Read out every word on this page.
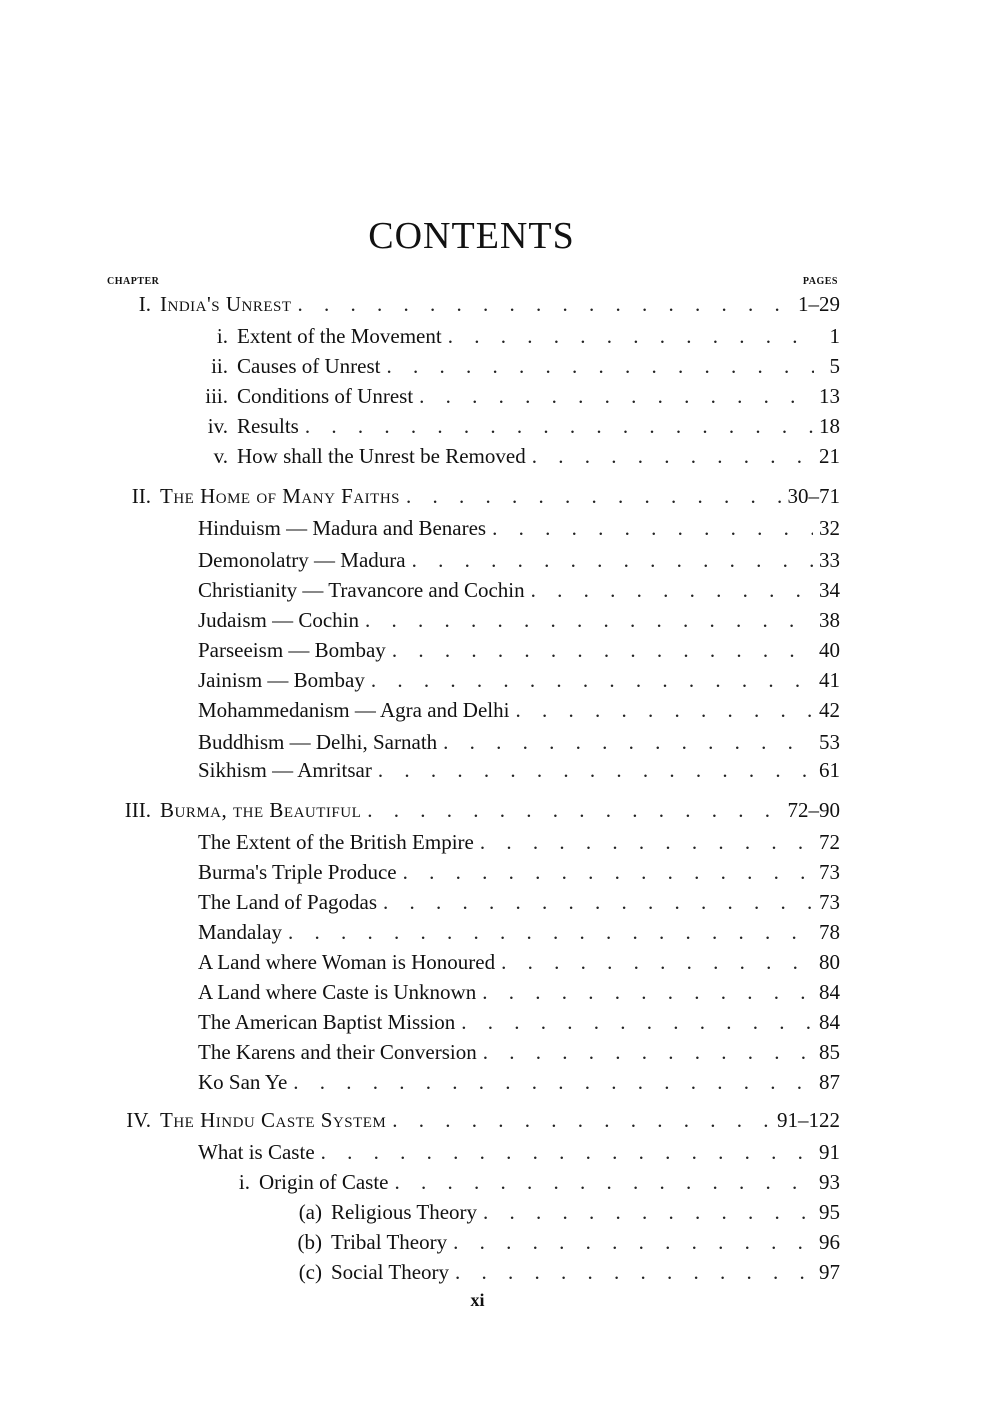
CONTENTS
CHAPTER	PAGES
I. India's Unrest . . .	1–29
i. Extent of the Movement . . .	1
ii. Causes of Unrest . . .	5
iii. Conditions of Unrest . . .	13
iv. Results . . .	18
v. How shall the Unrest be Removed . . .	21
II. The Home of Many Faiths . . .	30–71
Hinduism — Madura and Benares . . .	32
Demonolatry — Madura . . .	33
Christianity — Travancore and Cochin . . .	34
Judaism — Cochin . . .	38
Parseeism — Bombay . . .	40
Jainism — Bombay . . .	41
Mohammedanism — Agra and Delhi . . .	42
Buddhism — Delhi, Sarnath . . .	53
Sikhism — Amritsar . . .	61
III. Burma, the Beautiful . . .	72–90
The Extent of the British Empire . . .	72
Burma's Triple Produce . . .	73
The Land of Pagodas . . .	73
Mandalay . . .	78
A Land where Woman is Honoured . . .	80
A Land where Caste is Unknown . . .	84
The American Baptist Mission . . .	84
The Karens and their Conversion . . .	85
Ko San Ye . . .	87
IV. The Hindu Caste System . . .	91–122
What is Caste . . .	91
i. Origin of Caste . . .	93
(a) Religious Theory . . .	95
(b) Tribal Theory . . .	96
(c) Social Theory . . .	97
xi
